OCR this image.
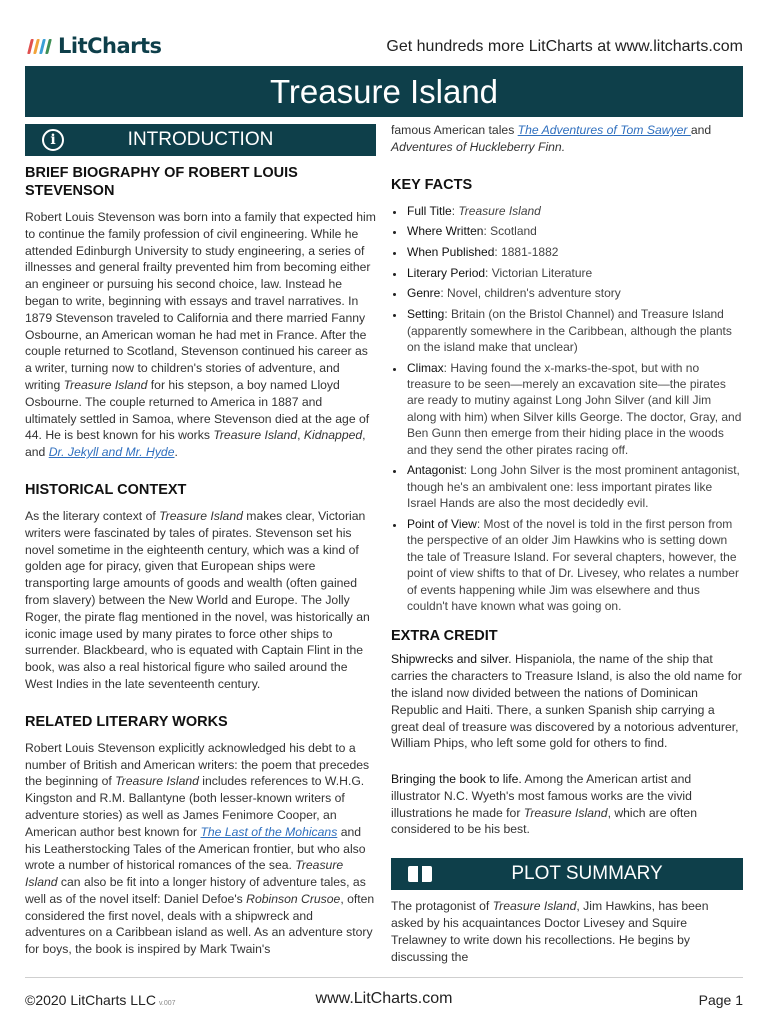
LitCharts	Get hundreds more LitCharts at www.litcharts.com
Treasure Island
i	INTRODUCTION
BRIEF BIOGRAPHY OF ROBERT LOUIS STEVENSON

Robert Louis Stevenson was born into a family that expected him to continue the family profession of civil engineering. While he attended Edinburgh University to study engineering, a series of illnesses and general frailty prevented him from becoming either an engineer or pursuing his second choice, law. Instead he began to write, beginning with essays and travel narratives. In 1879 Stevenson traveled to California and there married Fanny Osbourne, an American woman he had met in France. After the couple returned to Scotland, Stevenson continued his career as a writer, turning now to children's stories of adventure, and writing Treasure Island for his stepson, a boy named Lloyd Osbourne. The couple returned to America in 1887 and ultimately settled in Samoa, where Stevenson died at the age of 44. He is best known for his works Treasure Island, Kidnapped, and Dr. Jekyll and Mr. Hyde.

HISTORICAL CONTEXT

As the literary context of Treasure Island makes clear, Victorian writers were fascinated by tales of pirates. Stevenson set his novel sometime in the eighteenth century, which was a kind of golden age for piracy, given that European ships were transporting large amounts of goods and wealth (often gained from slavery) between the New World and Europe. The Jolly Roger, the pirate flag mentioned in the novel, was historically an iconic image used by many pirates to force other ships to surrender. Blackbeard, who is equated with Captain Flint in the book, was also a real historical figure who sailed around the West Indies in the late seventeenth century.

RELATED LITERARY WORKS

Robert Louis Stevenson explicitly acknowledged his debt to a number of British and American writers: the poem that precedes the beginning of Treasure Island includes references to W.H.G. Kingston and R.M. Ballantyne (both lesser-known writers of adventure stories) as well as James Fenimore Cooper, an American author best known for The Last of the Mohicans and his Leatherstocking Tales of the American frontier, but who also wrote a number of historical romances of the sea. Treasure Island can also be fit into a longer history of adventure tales, as well as of the novel itself: Daniel Defoe's Robinson Crusoe, often considered the first novel, deals with a shipwreck and adventures on a Caribbean island as well. As an adventure story for boys, the book is inspired by Mark Twain's

famous American tales The Adventures of Tom Sawyer and Adventures of Huckleberry Finn.

KEY FACTS
• Full Title: Treasure Island
• Where Written: Scotland
• When Published: 1881-1882
• Literary Period: Victorian Literature
• Genre: Novel, children's adventure story
• Setting: Britain (on the Bristol Channel) and Treasure Island (apparently somewhere in the Caribbean, although the plants on the island make that unclear)
• Climax: Having found the x-marks-the-spot, but with no treasure to be seen—merely an excavation site—the pirates are ready to mutiny against Long John Silver (and kill Jim along with him) when Silver kills George. The doctor, Gray, and Ben Gunn then emerge from their hiding place in the woods and they send the other pirates racing off.
• Antagonist: Long John Silver is the most prominent antagonist, though he's an ambivalent one: less important pirates like Israel Hands are also the most decidedly evil.
• Point of View: Most of the novel is told in the first person from the perspective of an older Jim Hawkins who is setting down the tale of Treasure Island. For several chapters, however, the point of view shifts to that of Dr. Livesey, who relates a number of events happening while Jim was elsewhere and thus couldn't have known what was going on.
EXTRA CREDIT

Shipwrecks and silver. Hispaniola, the name of the ship that carries the characters to Treasure Island, is also the old name for the island now divided between the nations of Dominican Republic and Haiti. There, a sunken Spanish ship carrying a great deal of treasure was discovered by a notorious adventurer, William Phips, who left some gold for others to find.

Bringing the book to life. Among the American artist and illustrator N.C. Wyeth's most famous works are the vivid illustrations he made for Treasure Island, which are often considered to be his best.

PLOT SUMMARY

The protagonist of Treasure Island, Jim Hawkins, has been asked by his acquaintances Doctor Livesey and Squire Trelawney to write down his recollections. He begins by discussing the

©2020 LitCharts LLC v.007	www.LitCharts.com	Page 1
